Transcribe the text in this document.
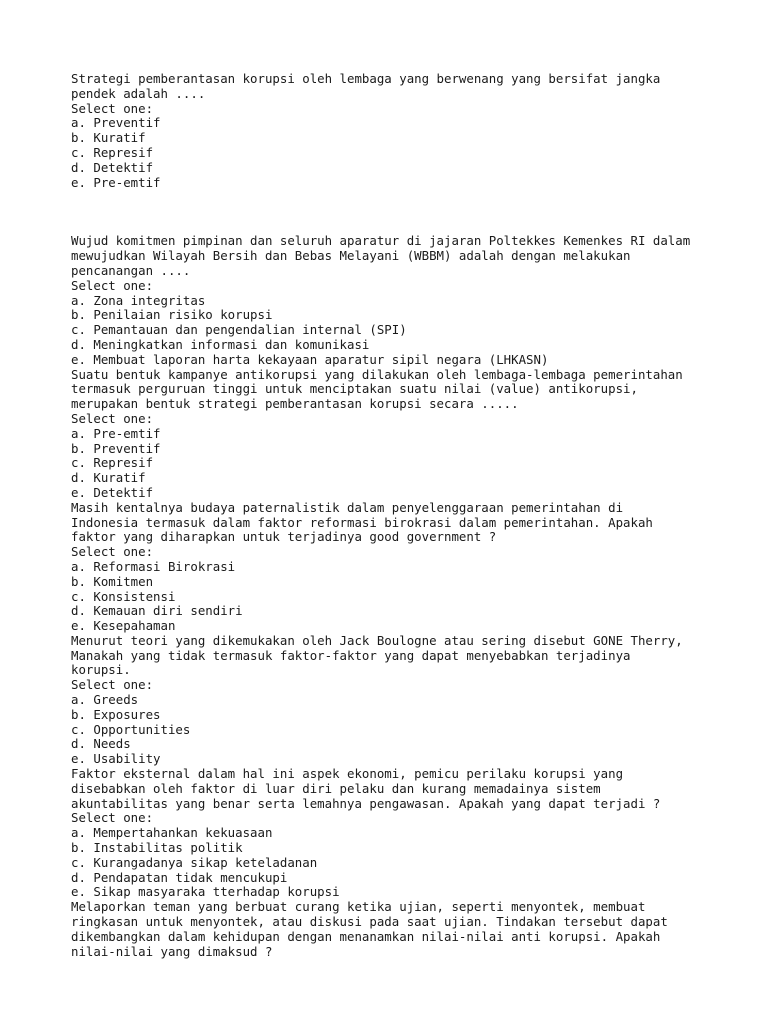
Strategi pemberantasan korupsi oleh lembaga yang berwenang yang bersifat jangka
pendek adalah ....
Select one:
a. Preventif
b. Kuratif
c. Represif
d. Detektif
e. Pre-emtif
Wujud komitmen pimpinan dan seluruh aparatur di jajaran Poltekkes Kemenkes RI dalam
mewujudkan Wilayah Bersih dan Bebas Melayani (WBBM) adalah dengan melakukan
pencanangan ....
Select one:
a. Zona integritas
b. Penilaian risiko korupsi
c. Pemantauan dan pengendalian internal (SPI)
d. Meningkatkan informasi dan komunikasi
e. Membuat laporan harta kekayaan aparatur sipil negara (LHKASN)
Suatu bentuk kampanye antikorupsi yang dilakukan oleh lembaga-lembaga pemerintahan
termasuk perguruan tinggi untuk menciptakan suatu nilai (value) antikorupsi,
merupakan bentuk strategi pemberantasan korupsi secara .....
Select one:
a. Pre-emtif
b. Preventif
c. Represif
d. Kuratif
e. Detektif
Masih kentalnya budaya paternalistik dalam penyelenggaraan pemerintahan di
Indonesia termasuk dalam faktor reformasi birokrasi dalam pemerintahan. Apakah
faktor yang diharapkan untuk terjadinya good government ?
Select one:
a. Reformasi Birokrasi
b. Komitmen
c. Konsistensi
d. Kemauan diri sendiri
e. Kesepahaman
Menurut teori yang dikemukakan oleh Jack Boulogne atau sering disebut GONE Therry,
Manakah yang tidak termasuk faktor-faktor yang dapat menyebabkan terjadinya
korupsi.
Select one:
a. Greeds
b. Exposures
c. Opportunities
d. Needs
e. Usability
Faktor eksternal dalam hal ini aspek ekonomi, pemicu perilaku korupsi yang
disebabkan oleh faktor di luar diri pelaku dan kurang memadainya sistem
akuntabilitas yang benar serta lemahnya pengawasan. Apakah yang dapat terjadi ?
Select one:
a. Mempertahankan kekuasaan
b. Instabilitas politik
c. Kurangadanya sikap keteladanan
d. Pendapatan tidak mencukupi
e. Sikap masyaraka tterhadap korupsi
Melaporkan teman yang berbuat curang ketika ujian, seperti menyontek, membuat
ringkasan untuk menyontek, atau diskusi pada saat ujian. Tindakan tersebut dapat
dikembangkan dalam kehidupan dengan menanamkan nilai-nilai anti korupsi. Apakah
nilai-nilai yang dimaksud ?
